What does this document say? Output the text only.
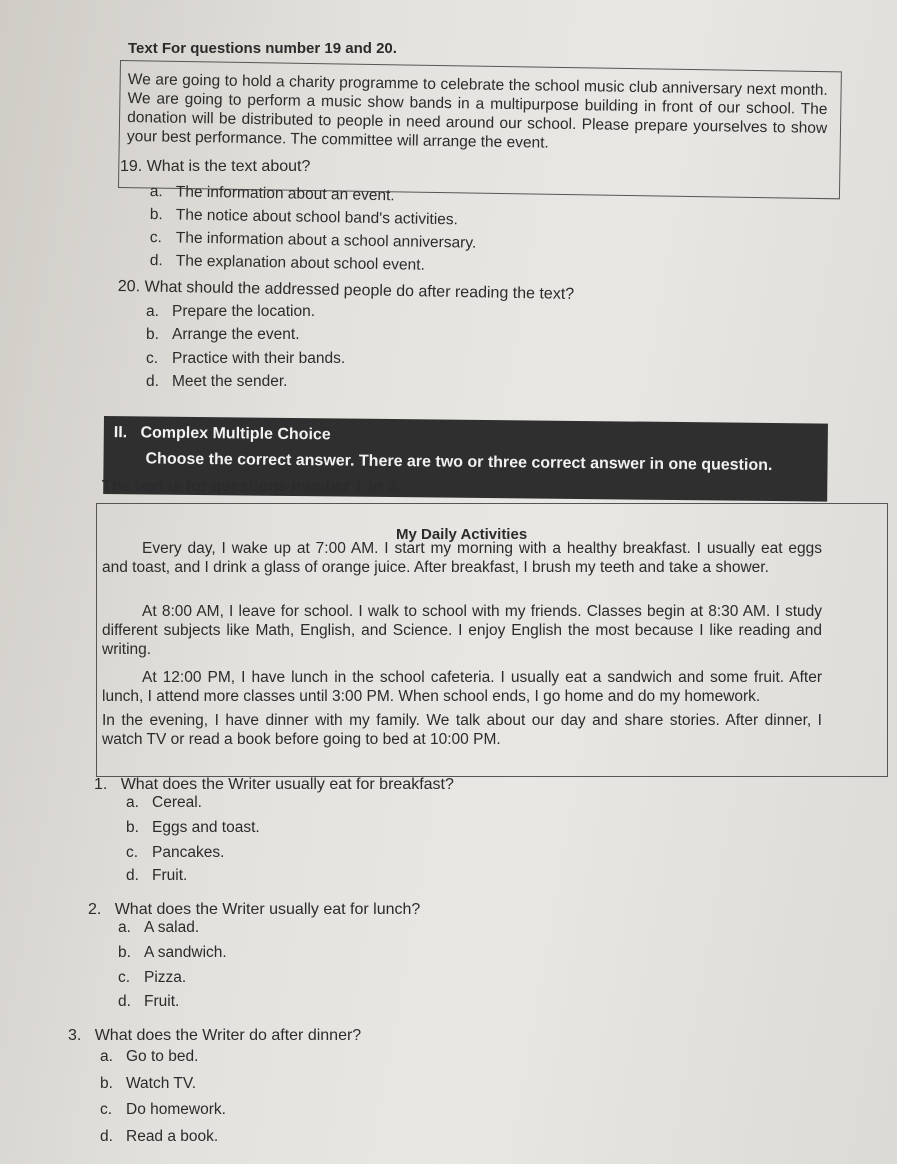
Text For questions number 19 and 20.
We are going to hold a charity programme to celebrate the school music club anniversary next month. We are going to perform a music show bands in a multipurpose building in front of our school. The donation will be distributed to people in need around our school. Please prepare yourselves to show your best performance. The committee will arrange the event.
19. What is the text about?
a. The information about an event.
b. The notice about school band's activities.
c. The information about a school anniversary.
d. The explanation about school event.
20. What should the addressed people do after reading the text?
a. Prepare the location.
b. Arrange the event.
c. Practice with their bands.
d. Meet the sender.
II. Complex Multiple Choice
Choose the correct answer. There are two or three correct answer in one question.
The text is for questions number 1 to 3.
My Daily Activities
Every day, I wake up at 7:00 AM. I start my morning with a healthy breakfast. I usually eat eggs and toast, and I drink a glass of orange juice. After breakfast, I brush my teeth and take a shower.
At 8:00 AM, I leave for school. I walk to school with my friends. Classes begin at 8:30 AM. I study different subjects like Math, English, and Science. I enjoy English the most because I like reading and writing.
At 12:00 PM, I have lunch in the school cafeteria. I usually eat a sandwich and some fruit. After lunch, I attend more classes until 3:00 PM. When school ends, I go home and do my homework.
In the evening, I have dinner with my family. We talk about our day and share stories. After dinner, I watch TV or read a book before going to bed at 10:00 PM.
1. What does the Writer usually eat for breakfast?
a. Cereal.
b. Eggs and toast.
c. Pancakes.
d. Fruit.
2. What does the Writer usually eat for lunch?
a. A salad.
b. A sandwich.
c. Pizza.
d. Fruit.
3. What does the Writer do after dinner?
a. Go to bed.
b. Watch TV.
c. Do homework.
d. Read a book.
